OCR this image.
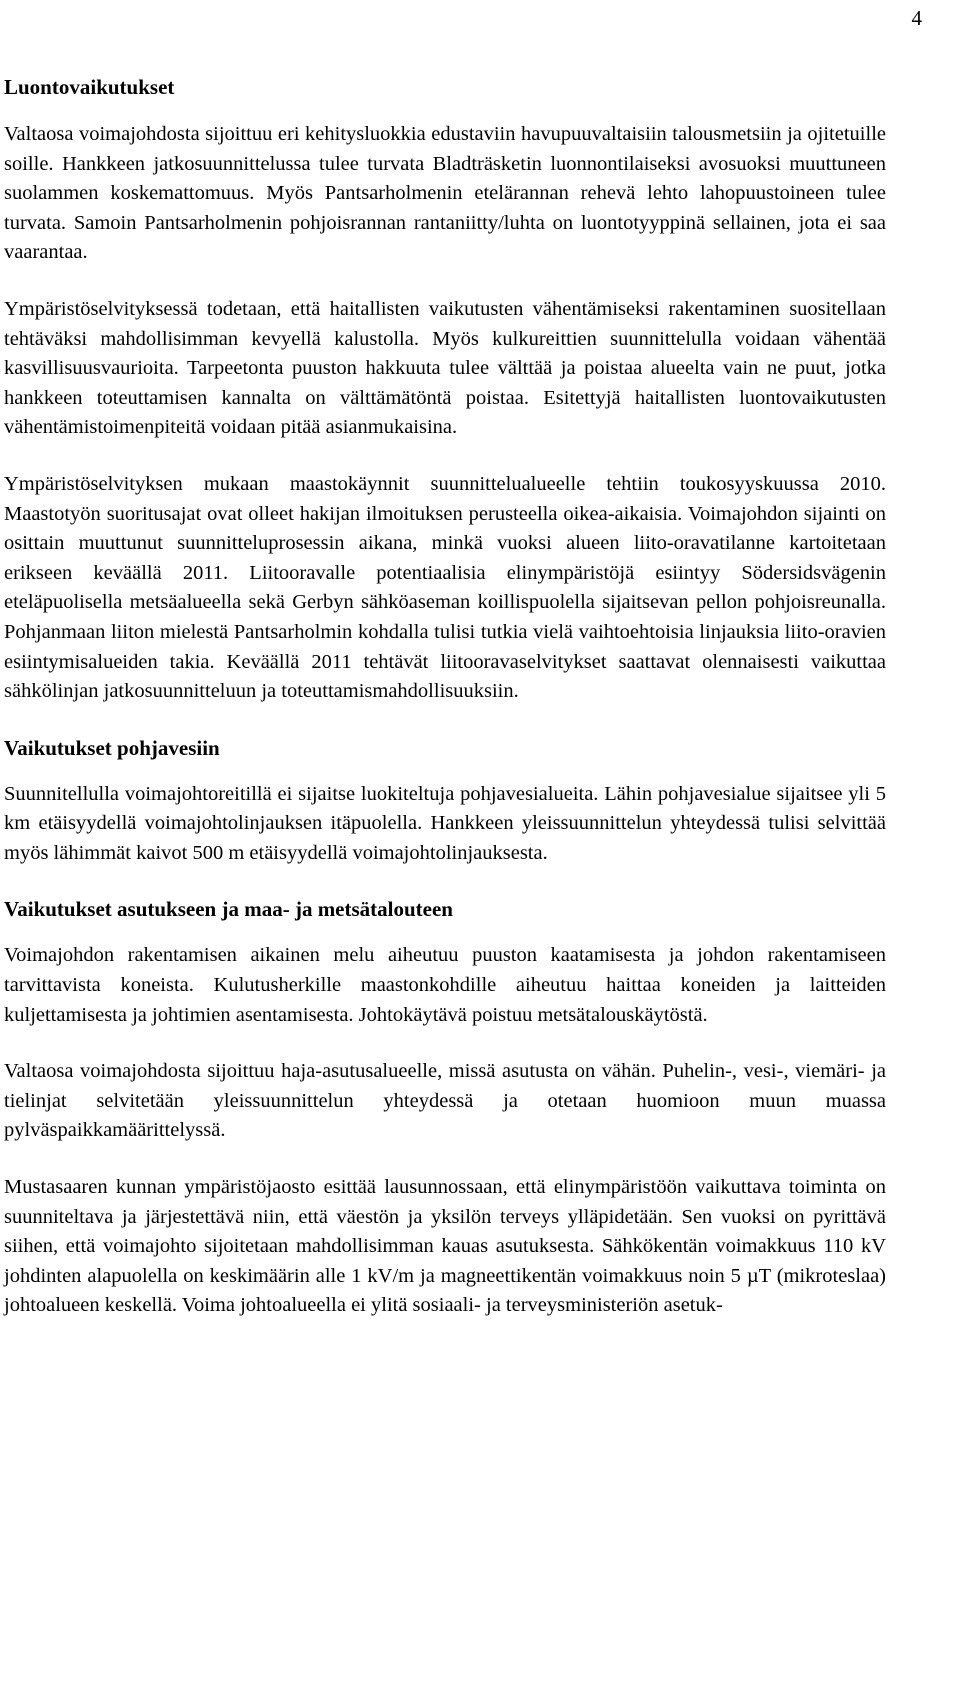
4
Luontovaikutukset

Valtaosa voimajohdosta sijoittuu eri kehitysluokkia edustaviin havupuuvaltaisiin talousmetsiin ja ojitetuille soille. Hankkeen jatkosuunnittelussa tulee turvata Bladträsketin luonnontilaiseksi avosuoksi muuttuneen suolammen koskemattomuus. Myös Pantsarholmenin etelärannan rehevä lehto lahopuustoineen tulee turvata. Samoin Pantsarholmenin pohjoisrannan rantaniitty/luhta on luontotyyppinä sellainen, jota ei saa vaarantaa.

Ympäristöselvityksessä todetaan, että haitallisten vaikutusten vähentämiseksi rakentaminen suositellaan tehtäväksi mahdollisimman kevyellä kalustolla. Myös kulkureittien suunnittelulla voidaan vähentää kasvillisuusvaurioita. Tarpeetonta puuston hakkuuta tulee välttää ja poistaa alueelta vain ne puut, jotka hankkeen toteuttamisen kannalta on välttämätöntä poistaa. Esitettyjä haitallisten luontovaikutusten vähentämistoimenpiteitä voidaan pitää asianmukaisina.

Ympäristöselvityksen mukaan maastokäynnit suunnittelualueelle tehtiin toukosyyskuussa 2010. Maastotyön suoritusajat ovat olleet hakijan ilmoituksen perusteella oikea-aikaisia. Voimajohdon sijainti on osittain muuttunut suunnitteluprosessin aikana, minkä vuoksi alueen liito-oravatilanne kartoitetaan erikseen keväällä 2011. Liitooravalle potentiaalisia elinympäristöjä esiintyy Södersidsvägenin eteläpuolisella metsäalueella sekä Gerbyn sähköaseman koillispuolella sijaitsevan pellon pohjoisreunalla. Pohjanmaan liiton mielestä Pantsarholmin kohdalla tulisi tutkia vielä vaihtoehtoisia linjauksia liito-oravien esiintymisalueiden takia. Keväällä 2011 tehtävät liitooravaselvitykset saattavat olennaisesti vaikuttaa sähkölinjan jatkosuunnitteluun ja toteuttamismahdollisuuksiin.

Vaikutukset pohjavesiin

Suunnitellulla voimajohtoreitillä ei sijaitse luokiteltuja pohjavesialueita. Lähin pohjavesialue sijaitsee yli 5 km etäisyydellä voimajohtolinjauksen itäpuolella. Hankkeen yleissuunnittelun yhteydessä tulisi selvittää myös lähimmät kaivot 500 m etäisyydellä voimajohtolinjauksesta.

Vaikutukset asutukseen ja maa- ja metsätalouteen

Voimajohdon rakentamisen aikainen melu aiheutuu puuston kaatamisesta ja johdon rakentamiseen tarvittavista koneista. Kulutusherkille maastonkohdille aiheutuu haittaa koneiden ja laitteiden kuljettamisesta ja johtimien asentamisesta. Johtokäytävä poistuu metsätalouskäytöstä.

Valtaosa voimajohdosta sijoittuu haja-asutusalueelle, missä asutusta on vähän. Puhelin-, vesi-, viemäri- ja tielinjat selvitetään yleissuunnittelun yhteydessä ja otetaan huomioon muun muassa pylväspaikkamäärittelyssä.

Mustasaaren kunnan ympäristöjaosto esittää lausunnossaan, että elinympäristöön vaikuttava toiminta on suunniteltava ja järjestettävä niin, että väestön ja yksilön terveys ylläpidetään. Sen vuoksi on pyrittävä siihen, että voimajohto sijoitetaan mahdollisimman kauas asutuksesta. Sähkökentän voimakkuus 110 kV johdinten alapuolella on keskimäärin alle 1 kV/m ja magneettikentän voimakkuus noin 5 µT (mikroteslaa) johtoalueen keskellä. Voima johtoalueella ei ylitä sosiaali- ja terveysministeriön asetuk-
